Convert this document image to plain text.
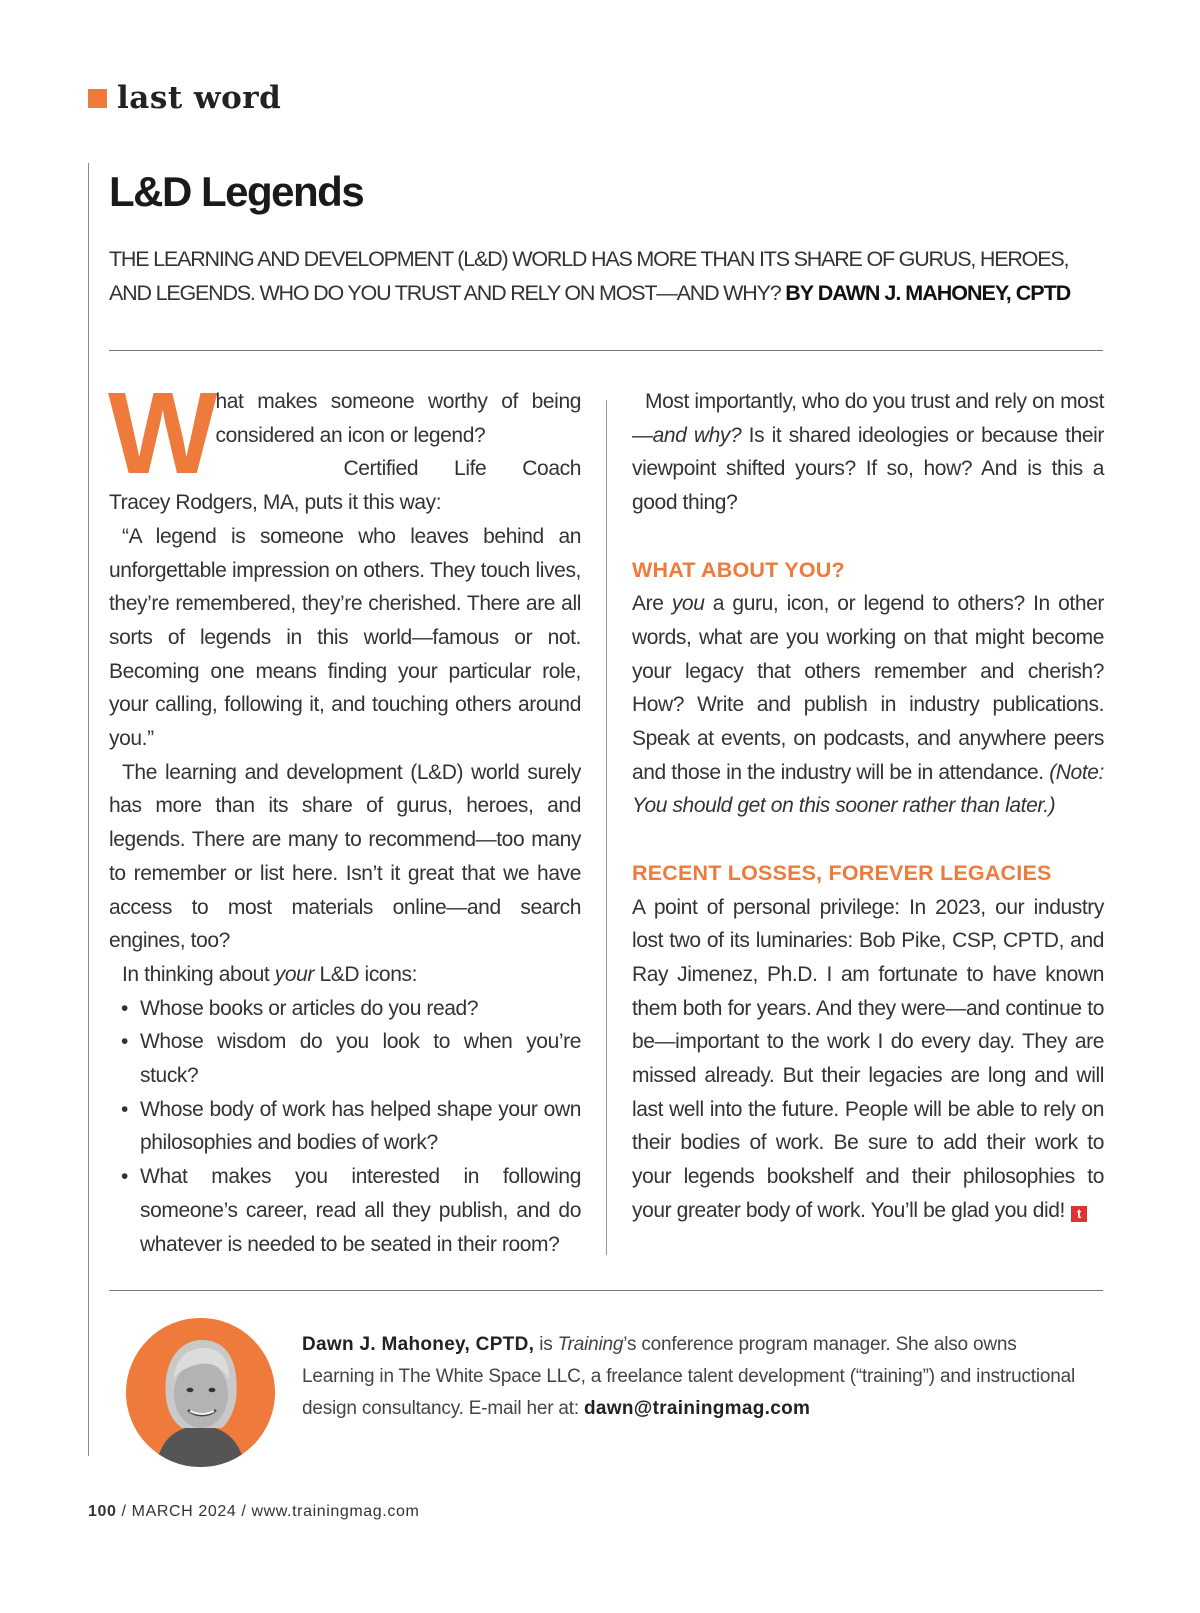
last word
L&D Legends

THE LEARNING AND DEVELOPMENT (L&D) WORLD HAS MORE THAN ITS SHARE OF GURUS, HEROES, AND LEGENDS. WHO DO YOU TRUST AND RELY ON MOST—AND WHY? BY DAWN J. MAHONEY, CPTD

What makes someone worthy of being considered an icon or legend?

Certified Life Coach Tracey Rodgers, MA, puts it this way:

“A legend is someone who leaves behind an unforgettable impression on others. They touch lives, they’re remembered, they’re cherished. There are all sorts of legends in this world—famous or not. Becoming one means finding your particular role, your calling, following it, and touching others around you.”

The learning and development (L&D) world surely has more than its share of gurus, heroes, and legends. There are many to recommend—too many to remember or list here. Isn’t it great that we have access to most materials online—and search engines, too?

In thinking about your L&D icons:

• Whose books or articles do you read?
• Whose wisdom do you look to when you’re stuck?
• Whose body of work has helped shape your own philosophies and bodies of work?
• What makes you interested in following someone’s career, read all they publish, and do whatever is needed to be seated in their room?

Most importantly, who do you trust and rely on most—and why? Is it shared ideologies or because their viewpoint shifted yours? If so, how? And is this a good thing?

WHAT ABOUT YOU?

Are you a guru, icon, or legend to others? In other words, what are you working on that might become your legacy that others remember and cherish? How? Write and publish in industry publications. Speak at events, on podcasts, and anywhere peers and those in the industry will be in attendance. (Note: You should get on this sooner rather than later.)

RECENT LOSSES, FOREVER LEGACIES

A point of personal privilege: In 2023, our industry lost two of its luminaries: Bob Pike, CSP, CPTD, and Ray Jimenez, Ph.D. I am fortunate to have known them both for years. And they were—and continue to be—important to the work I do every day. They are missed already. But their legacies are long and will last well into the future. People will be able to rely on their bodies of work. Be sure to add their work to your legends bookshelf and their philosophies to your greater body of work. You’ll be glad you did! t

Dawn J. Mahoney, CPTD, is Training’s conference program manager. She also owns Learning in The White Space LLC, a freelance talent development (“training”) and instructional design consultancy. E-mail her at: dawn@trainingmag.com

100 / MARCH 2024 / www.trainingmag.com
